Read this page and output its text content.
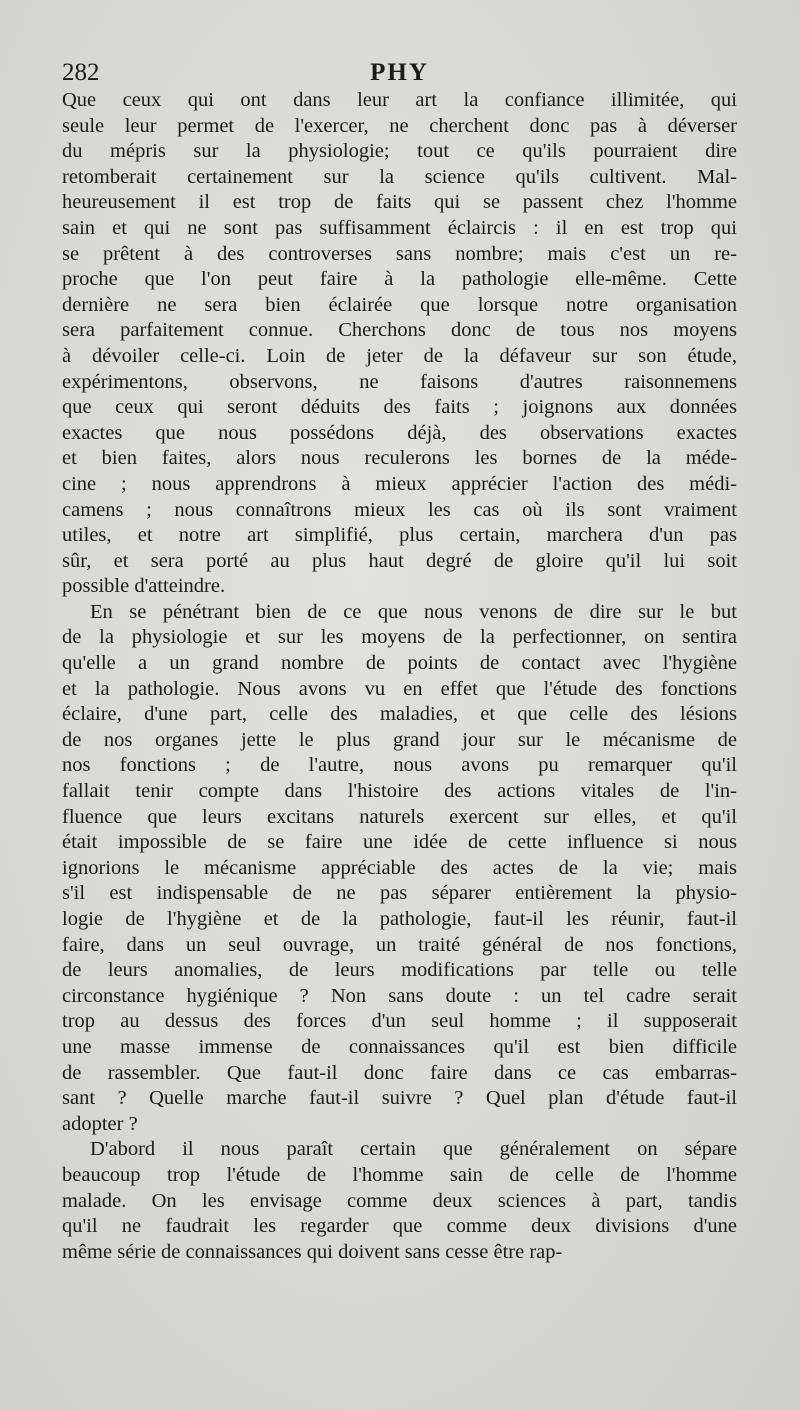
282	PHY
Que ceux qui ont dans leur art la confiance illimitée, qui
seule leur permet de l'exercer, ne cherchent donc pas à déverser
du mépris sur la physiologie; tout ce qu'ils pourraient dire
retomberait certainement sur la science qu'ils cultivent. Mal-
heureusement il est trop de faits qui se passent chez l'homme
sain et qui ne sont pas suffisamment éclaircis : il en est trop qui
se prêtent à des controverses sans nombre; mais c'est un re-
proche que l'on peut faire à la pathologie elle-même. Cette
dernière ne sera bien éclairée que lorsque notre organisation
sera parfaitement connue. Cherchons donc de tous nos moyens
à dévoiler celle-ci. Loin de jeter de la défaveur sur son étude,
expérimentons, observons, ne faisons d'autres raisonnemens
que ceux qui seront déduits des faits ; joignons aux données
exactes que nous possédons déjà, des observations exactes
et bien faites, alors nous reculerons les bornes de la méde-
cine ; nous apprendrons à mieux apprécier l'action des médi-
camens ; nous connaîtrons mieux les cas où ils sont vraiment
utiles, et notre art simplifié, plus certain, marchera d'un pas
sûr, et sera porté au plus haut degré de gloire qu'il lui soit
possible d'atteindre.
En se pénétrant bien de ce que nous venons de dire sur le but
de la physiologie et sur les moyens de la perfectionner, on sentira
qu'elle a un grand nombre de points de contact avec l'hygiène
et la pathologie. Nous avons vu en effet que l'étude des fonctions
éclaire, d'une part, celle des maladies, et que celle des lésions
de nos organes jette le plus grand jour sur le mécanisme de
nos fonctions ; de l'autre, nous avons pu remarquer qu'il
fallait tenir compte dans l'histoire des actions vitales de l'in-
fluence que leurs excitans naturels exercent sur elles, et qu'il
était impossible de se faire une idée de cette influence si nous
ignorions le mécanisme appréciable des actes de la vie; mais
s'il est indispensable de ne pas séparer entièrement la physio-
logie de l'hygiène et de la pathologie, faut-il les réunir, faut-il
faire, dans un seul ouvrage, un traité général de nos fonctions,
de leurs anomalies, de leurs modifications par telle ou telle
circonstance hygiénique ? Non sans doute : un tel cadre serait
trop au dessus des forces d'un seul homme ; il supposerait
une masse immense de connaissances qu'il est bien difficile
de rassembler. Que faut-il donc faire dans ce cas embarras-
sant ? Quelle marche faut-il suivre ? Quel plan d'étude faut-il
adopter ?
D'abord il nous paraît certain que généralement on sépare
beaucoup trop l'étude de l'homme sain de celle de l'homme
malade. On les envisage comme deux sciences à part, tandis
qu'il ne faudrait les regarder que comme deux divisions d'une
même série de connaissances qui doivent sans cesse être rap-
